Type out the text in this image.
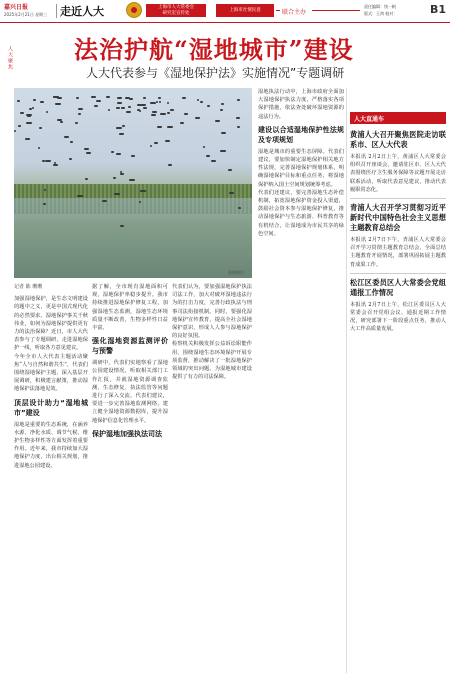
嘉兴日报
2025年2月21日 星期三 走近人大	上海市人大常委会
研究室宣传处
上海市社情民意	联合主办
责任编辑：钱一帆
版式：王鸿 校对：	B1
人大聚焦	法治护航“湿地城市”建设
人大代表参与《湿地保护法》实施情况”专题调研
资料照片
记者 陈 珊珊

加强湿地保护，是生态文明建设的题中之义，更是中国式现代化的必然要求。湿地保护事关千秋伟业，如何为湿地保护提供更有力的法治保障？近日，市人大代表参与了专题调研，走进湿地保护一线，听取各方意见建议。

今年全市人大代表主题活动聚焦“人与自然和谐共生”，代表们围绕湿地保护主题，深入基层开展调研，积极建言献策，推动湿地保护法落地见效。

顶层设计助力“湿地城市”建设

湿地是重要的生态系统，在涵养水源、净化水质、调节气候、维护生物多样性等方面发挥着重要作用。近年来，我市持续加大湿地保护力度，出台相关规划，推进湿地公园建设。

据了解，全市现有湿地面积可观，湿地保护率稳步提升。我市持续推进湿地保护修复工程，加强湿地生态监测，湿地生态环境质量不断改善，生物多样性日益丰富。

强化湿地资源监测评价与预警

调研中，代表们实地察看了湿地公园建设情况，听取相关部门工作汇报，并就湿地资源调查监测、生态修复、执法监管等问题进行了深入交流。代表们建议，要进一步完善湿地监测网络，建立健全湿地资源数据库，提升湿地保护信息化管理水平。

保护湿地加强执法司法

代表们认为，要加强湿地保护执法司法工作，加大对破坏湿地违法行为的打击力度，完善行政执法与刑事司法衔接机制。同时，要强化湿地保护宣传教育，提高全社会湿地保护意识，形成人人参与湿地保护的良好氛围。

检察机关积极发挥公益诉讼职能作用，围绕湿地生态环境保护开展专项监督，推动解决了一批湿地保护领域的突出问题，为湿地城市建设提供了有力的司法保障。

湿地执法行动中，上海市政府全面加大湿地保护执法力度，严格落实各项保护措施，依法查处破坏湿地资源的违法行为。

建设以合适湿地保护性法规及专项规划

湿地是城市的重要生态屏障。代表们建议，要加快制定湿地保护相关地方性法规，完善湿地保护规划体系，明确湿地保护目标和重点任务，将湿地保护纳入国土空间规划统筹考虑。

代表们还建议，要完善湿地生态补偿机制，拓宽湿地保护资金投入渠道，鼓励社会资本参与湿地保护修复，推动湿地保护与生态旅游、科普教育等有机结合，让湿地成为市民共享的绿色空间。

人大直通车
黄浦人大召开聚焦医院走访联系市、区人大代表

本报讯 2月2日上午，黄浦区人大常委会组织召开座谈会，邀请驻区市、区人大代表围绕医疗卫生服务保障等议题开展走访联系活动，听取代表意见建议，推动代表履职常态化。

青浦人大召开学习贯彻习近平新时代中国特色社会主义思想主题教育总结会

本报讯 2月7日下午，青浦区人大常委会召开学习贯彻主题教育总结会，全面总结主题教育开展情况，部署巩固拓展主题教育成果工作。

松江区委员区人大常委会党组通报工作情况

本报讯 2月7日上午，松江区委员区人大常委会召开党组会议，通报近期工作情况，研究部署下一阶段重点任务，推动人大工作高质量发展。
